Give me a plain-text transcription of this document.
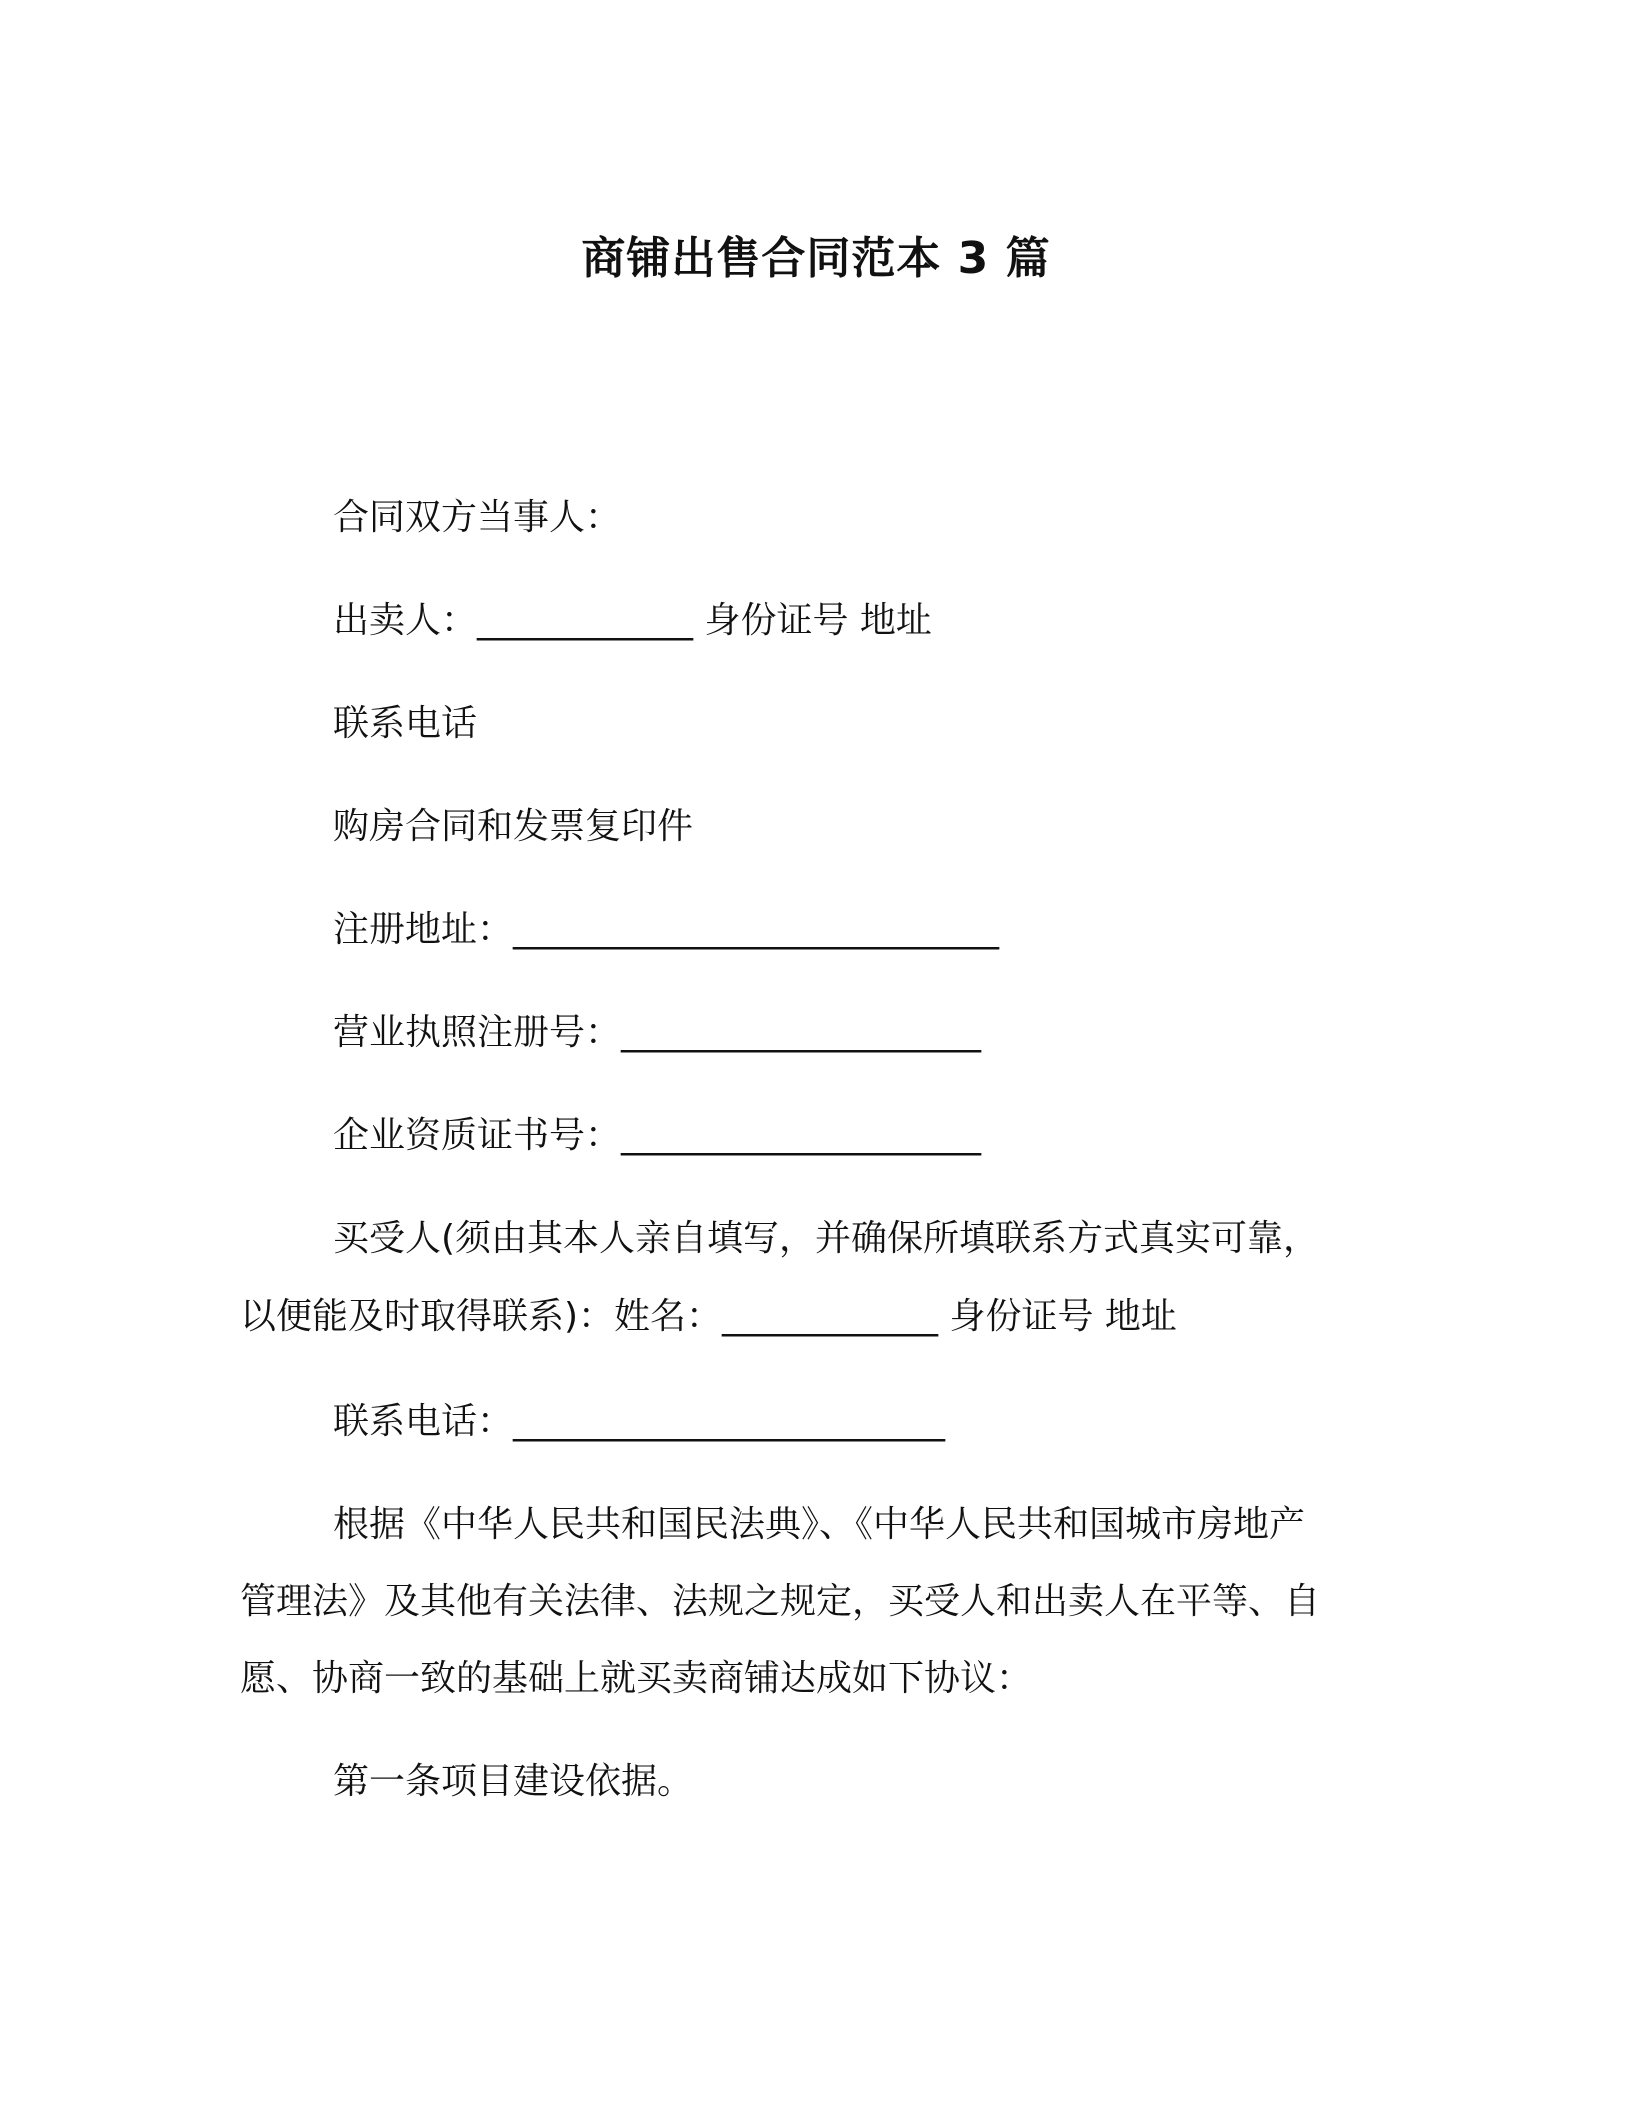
商铺出售合同范本 3 篇
合同双方当事人：
出卖人：____________ 身份证号 地址
联系电话
购房合同和发票复印件
注册地址：___________________________
营业执照注册号：____________________
企业资质证书号：____________________
买受人(须由其本人亲自填写，并确保所填联系方式真实可靠，
以便能及时取得联系)：姓名：____________ 身份证号 地址
联系电话：________________________
根据《中华人民共和国民法典》、《中华人民共和国城市房地产
管理法》及其他有关法律、法规之规定，买受人和出卖人在平等、自
愿、协商一致的基础上就买卖商铺达成如下协议：
第一条项目建设依据。
